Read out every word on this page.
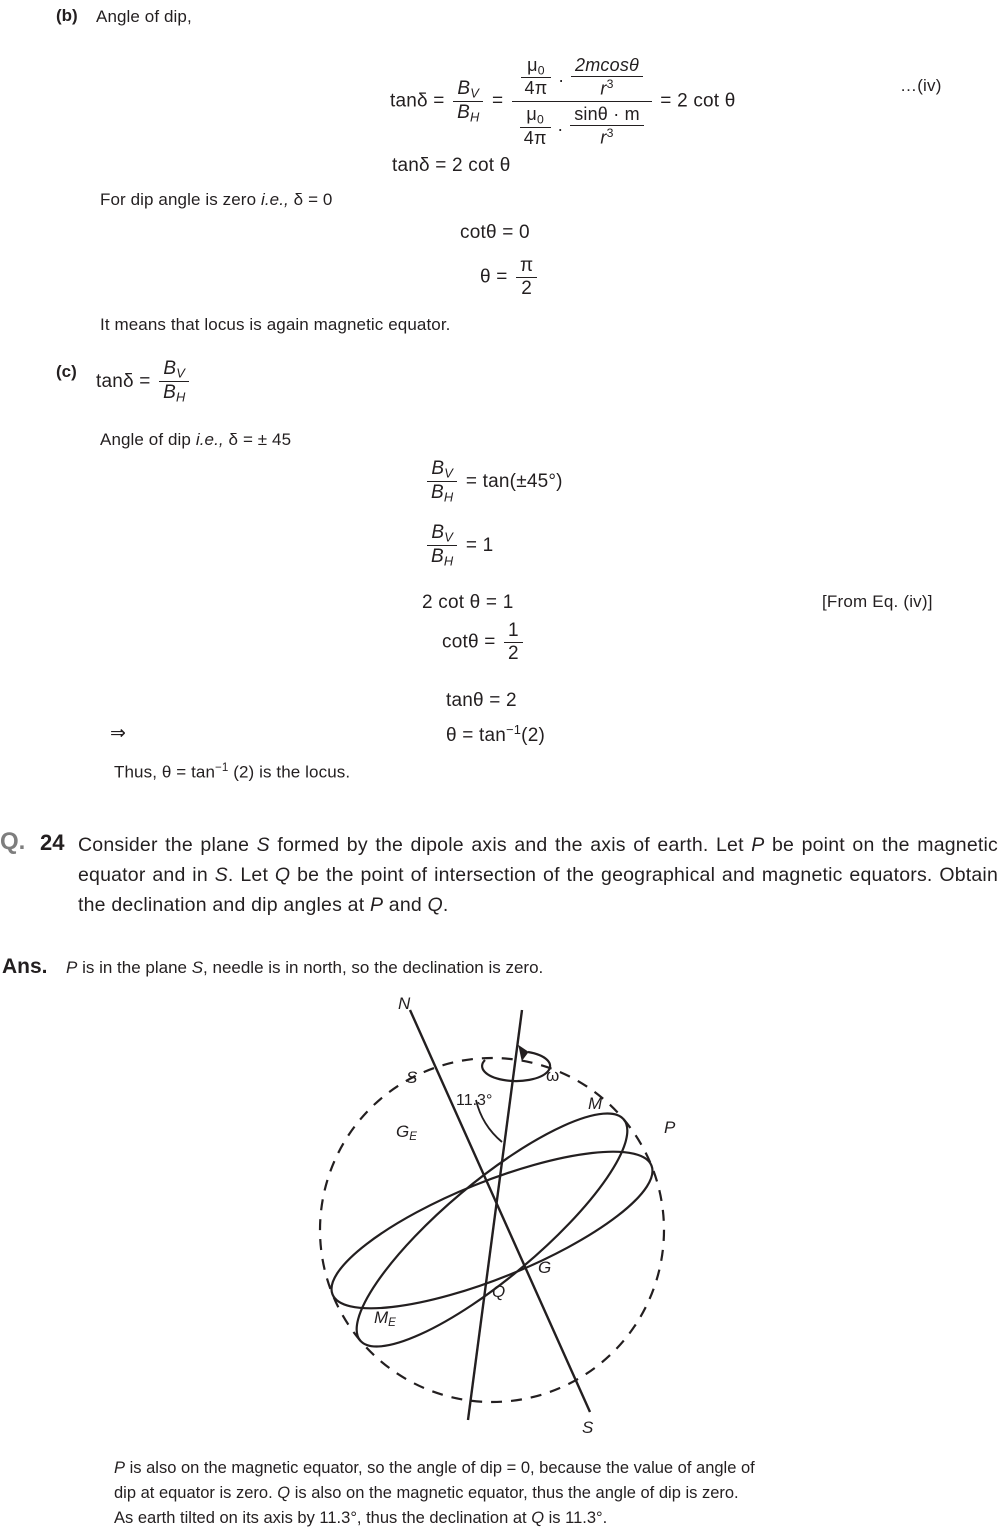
(b) Angle of dip,
$\tan\delta = \frac{B_V}{B_H}$ =
$\frac{\mu_0}{4\pi}$ . $\frac{2mcos\theta}{r^3}$
$\frac{\mu_0}{4\pi}$ . $\frac{\sin\theta \cdot m}{r^3}$
= 2 cot θ
…(iv)
tanδ = 2 cot θ
For dip angle is zero i.e., δ = 0
cotθ = 0
$\theta = \frac{\pi}{2}$
It means that locus is again magnetic equator.
(c) $\tan\delta = \frac{B_V}{B_H}$
Angle of dip i.e., δ = ± 45
$\frac{B_V}{B_H} = \tan(\pm 45^\circ)$
$\frac{B_V}{B_H} = 1$
2 cot θ = 1	[From Eq. (iv)]
$\cot\theta = \frac{1}{2}$
tanθ = 2
⇒	$\theta = \tan^{-1}(2)$
Thus, $\theta = \tan^{-1} (2)$ is the locus.
Q. 24 Consider the plane S formed by the dipole axis and the axis of earth. Let P be point on the magnetic equator and in S. Let Q be the point of intersection of the geographical and magnetic equators. Obtain the declination and dip angles at P and Q.
Ans. P is in the plane S, needle is in north, so the declination is zero.
N
S	ω
11.3°	M
P
$G_E$
G
Q
$M_E$
S
P is also on the magnetic equator, so the angle of dip = 0, because the value of angle of
dip at equator is zero. Q is also on the magnetic equator, thus the angle of dip is zero.
As earth tilted on its axis by 11.3°, thus the declination at Q is 11.3°.
